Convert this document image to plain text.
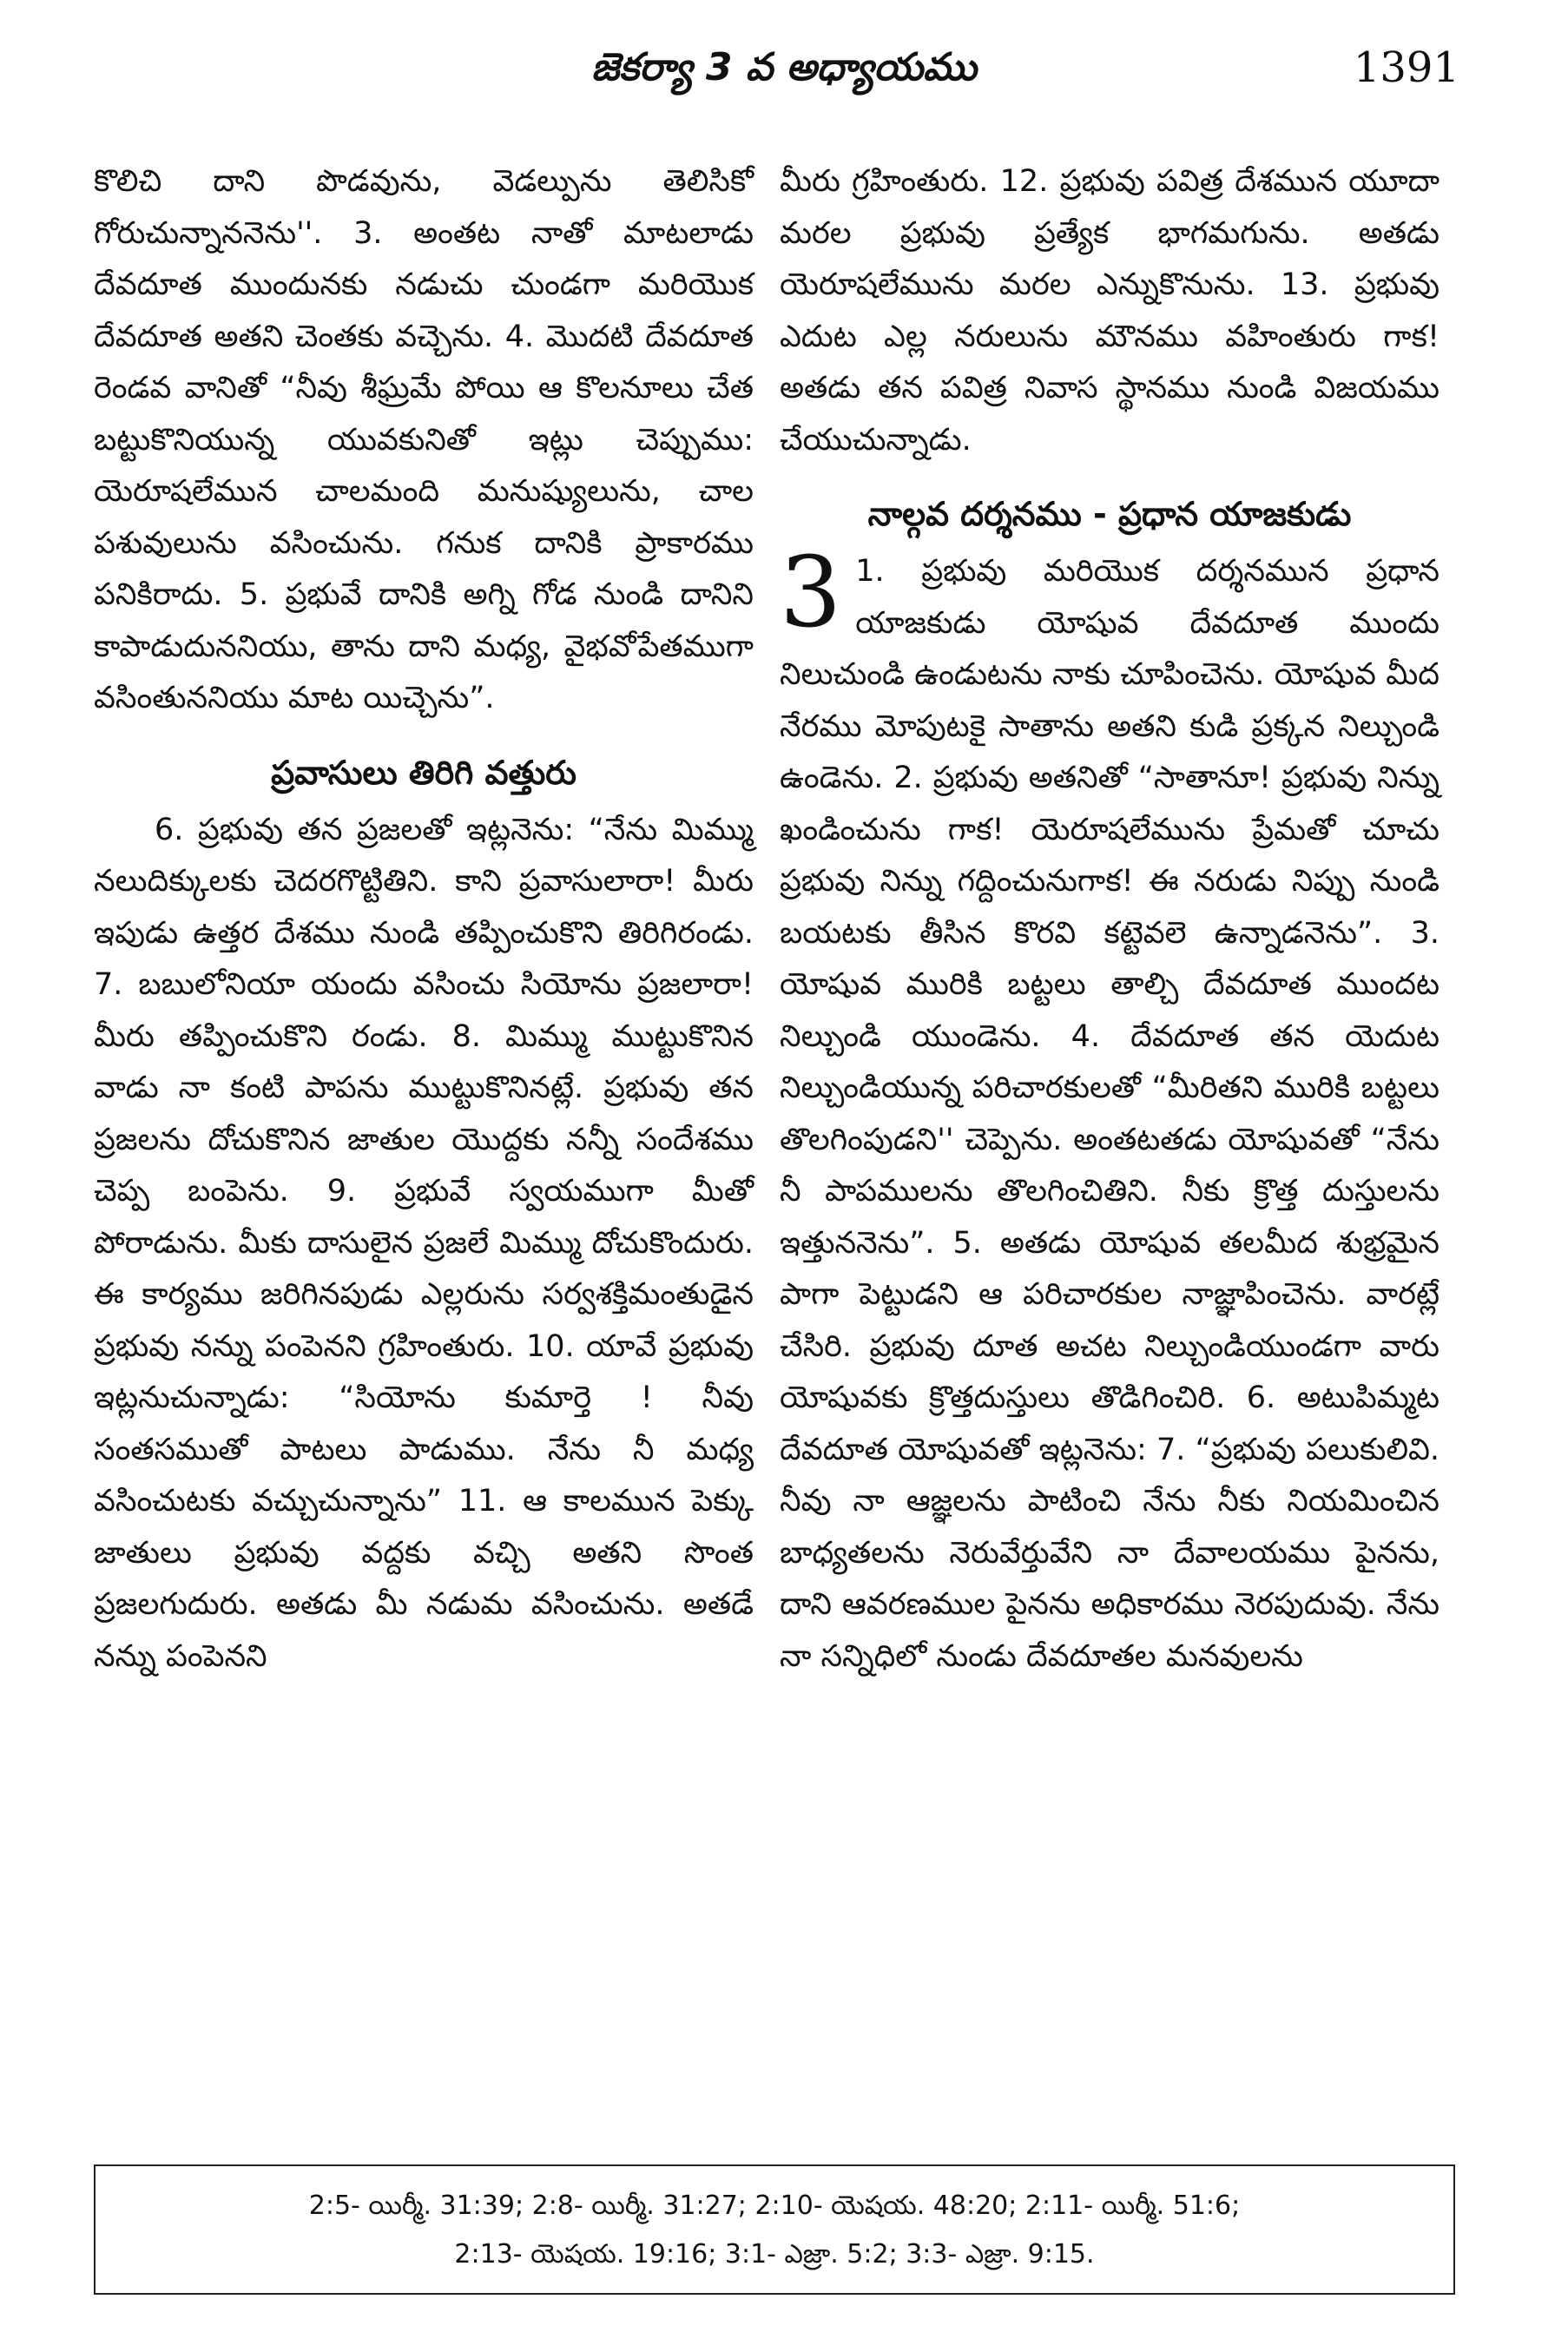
జెకర్యా 3 వ అధ్యాయము	1391

కొలిచి దాని పొడవును, వెడల్పును తెలిసికో గోరుచున్నాననెను''. 3. అంతట నాతో మాటలాడు దేవదూత ముందునకు నడుచు చుండగా మరియొక దేవదూత అతని చెంతకు వచ్చెను. 4. మొదటి దేవదూత రెండవ వానితో “నీవు శీఘ్రమే పోయి ఆ కొలనూలు చేత బట్టుకొనియున్న యువకునితో ఇట్లు చెప్పుము: యెరూషలేమున చాలమంది మనుష్యులును, చాల పశువులును వసించును. గనుక దానికి ప్రాకారము పనికిరాదు. 5. ప్రభువే దానికి అగ్ని గోడ నుండి దానిని కాపాడుదుననియు, తాను దాని మధ్య, వైభవోపేతముగా వసింతుననియు మాట యిచ్చెను”.

ప్రవాసులు తిరిగి వత్తురు

6. ప్రభువు తన ప్రజలతో ఇట్లనెను: “నేను మిమ్ము నలుదిక్కులకు చెదరగొట్టితిని. కాని ప్రవాసులారా! మీరు ఇపుడు ఉత్తర దేశము నుండి తప్పించుకొని తిరిగిరండు. 7. బబులోనియా యందు వసించు సియోను ప్రజలారా! మీరు తప్పించుకొని రండు. 8. మిమ్ము ముట్టుకొనిన వాడు నా కంటి పాపను ముట్టుకొనినట్లే. ప్రభువు తన ప్రజలను దోచుకొనిన జాతుల యొద్దకు నన్నీ సందేశము చెప్ప బంపెను. 9. ప్రభువే స్వయముగా మీతో పోరాడును. మీకు దాసులైన ప్రజలే మిమ్ము దోచుకొందురు. ఈ కార్యము జరిగినపుడు ఎల్లరును సర్వశక్తిమంతుడైన ప్రభువు నన్ను పంపెనని గ్రహింతురు. 10. యావే ప్రభువు ఇట్లనుచున్నాడు: “సియోను కుమార్తె ! నీవు సంతసముతో పాటలు పాడుము. నేను నీ మధ్య వసించుటకు వచ్చుచున్నాను” 11. ఆ కాలమున పెక్కు జాతులు ప్రభువు వద్దకు వచ్చి అతని సొంత ప్రజలగుదురు. అతడు మీ నడుమ వసించును. అతడే నన్ను పంపెనని

మీరు గ్రహింతురు. 12. ప్రభువు పవిత్ర దేశమున యూదా మరల ప్రభువు ప్రత్యేక భాగమగును. అతడు యెరూషలేమును మరల ఎన్నుకొనును. 13. ప్రభువు ఎదుట ఎల్ల నరులును మౌనము వహింతురు గాక! అతడు తన పవిత్ర నివాస స్థానము నుండి విజయము చేయుచున్నాడు.

నాల్గవ దర్శనము - ప్రధాన యాజకుడు
3 1. ప్రభువు మరియొక దర్శనమున ప్రధాన యాజకుడు యోషువ దేవదూత ముందు నిలుచుండి ఉండుటను నాకు చూపించెను. యోషువ మీద నేరము మోపుటకై సాతాను అతని కుడి ప్రక్కన నిల్చుండి ఉండెను. 2. ప్రభువు అతనితో “సాతానూ! ప్రభువు నిన్ను ఖండించును గాక! యెరూషలేమును ప్రేమతో చూచు ప్రభువు నిన్ను గద్దించునుగాక! ఈ నరుడు నిప్పు నుండి బయటకు తీసిన కొరవి కట్టెవలె ఉన్నాడనెను”. 3. యోషువ మురికి బట్టలు తాల్చి దేవదూత ముందట నిల్చుండి యుండెను. 4. దేవదూత తన యెదుట నిల్చుండియున్న పరిచారకులతో “మీరితని మురికి బట్టలు తొలగింపుడని'' చెప్పెను. అంతటతడు యోషువతో “నేను నీ పాపములను తొలగించితిని. నీకు క్రొత్త దుస్తులను ఇత్తుననెను”. 5. అతడు యోషువ తలమీద శుభ్రమైన పాగా పెట్టుడని ఆ పరిచారకుల నాజ్ఞాపించెను. వారట్లే చేసిరి. ప్రభువు దూత అచట నిల్చుండియుండగా వారు యోషువకు క్రొత్తదుస్తులు తొడిగించిరి. 6. అటుపిమ్మట దేవదూత యోషువతో ఇట్లనెను: 7. “ప్రభువు పలుకులివి. నీవు నా ఆజ్ఞలను పాటించి నేను నీకు నియమించిన బాధ్యతలను నెరువేర్తువేని నా దేవాలయము పైనను, దాని ఆవరణముల పైనను అధికారము నెరపుదువు. నేను నా సన్నిధిలో నుండు దేవదూతల మనవులను
2:5- యిర్మీ. 31:39; 2:8- యిర్మీ. 31:27; 2:10- యెషయ. 48:20; 2:11- యిర్మీ. 51:6;
2:13- యెషయ. 19:16; 3:1- ఎజ్రా. 5:2; 3:3- ఎజ్రా. 9:15.
